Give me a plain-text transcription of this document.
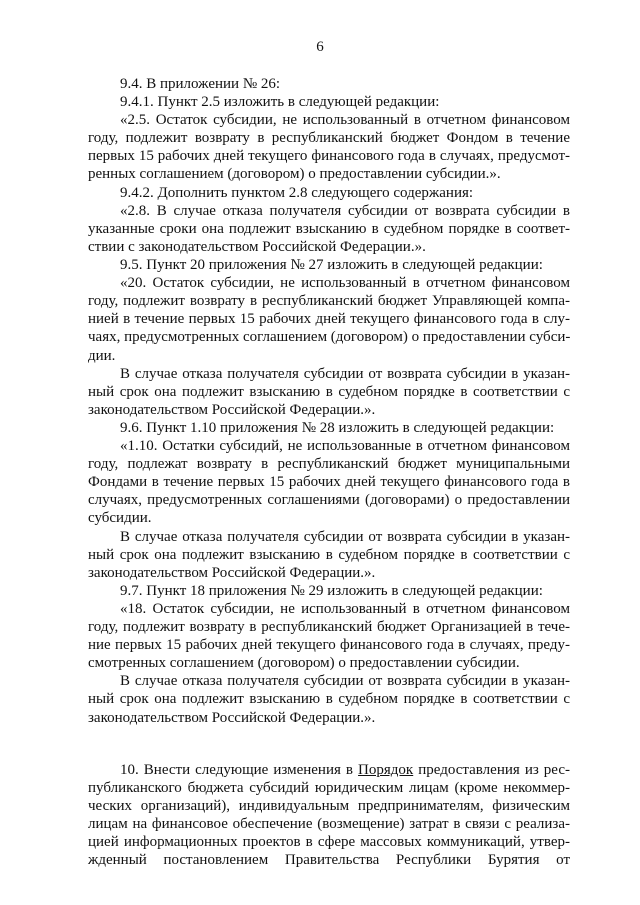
6
9.4. В приложении № 26:
9.4.1. Пункт 2.5 изложить в следующей редакции:
«2.5. Остаток субсидии, не использованный в отчетном финансовом
году, подлежит возврату в республиканский бюджет Фондом в течение
первых 15 рабочих дней текущего финансового года в случаях, предусмот-
ренных соглашением (договором) о предоставлении субсидии.».
9.4.2. Дополнить пунктом 2.8 следующего содержания:
«2.8. В случае отказа получателя субсидии от возврата субсидии в
указанные сроки она подлежит взысканию в судебном порядке в соответ-
ствии с законодательством Российской Федерации.».
9.5. Пункт 20 приложения № 27 изложить в следующей редакции:
«20. Остаток субсидии, не использованный в отчетном финансовом
году, подлежит возврату в республиканский бюджет Управляющей компа-
нией в течение первых 15 рабочих дней текущего финансового года в слу-
чаях, предусмотренных соглашением (договором) о предоставлении субси-
дии.
В случае отказа получателя субсидии от возврата субсидии в указан-
ный срок она подлежит взысканию в судебном порядке в соответствии с
законодательством Российской Федерации.».
9.6. Пункт 1.10 приложения № 28 изложить в следующей редакции:
«1.10. Остатки субсидий, не использованные в отчетном финансовом
году, подлежат возврату в республиканский бюджет муниципальными
Фондами в течение первых 15 рабочих дней текущего финансового года в
случаях, предусмотренных соглашениями (договорами) о предоставлении
субсидии.
В случае отказа получателя субсидии от возврата субсидии в указан-
ный срок она подлежит взысканию в судебном порядке в соответствии с
законодательством Российской Федерации.».
9.7. Пункт 18 приложения № 29 изложить в следующей редакции:
«18. Остаток субсидии, не использованный в отчетном финансовом
году, подлежит возврату в республиканский бюджет Организацией в тече-
ние первых 15 рабочих дней текущего финансового года в случаях, преду-
смотренных соглашением (договором) о предоставлении субсидии.
В случае отказа получателя субсидии от возврата субсидии в указан-
ный срок она подлежит взысканию в судебном порядке в соответствии с
законодательством Российской Федерации.».
10. Внести следующие изменения в Порядок предоставления из рес-
публиканского бюджета субсидий юридическим лицам (кроме некоммер-
ческих организаций), индивидуальным предпринимателям, физическим
лицам на финансовое обеспечение (возмещение) затрат в связи с реализа-
цией информационных проектов в сфере массовых коммуникаций, утвер-
жденный постановлением Правительства Республики Бурятия от
